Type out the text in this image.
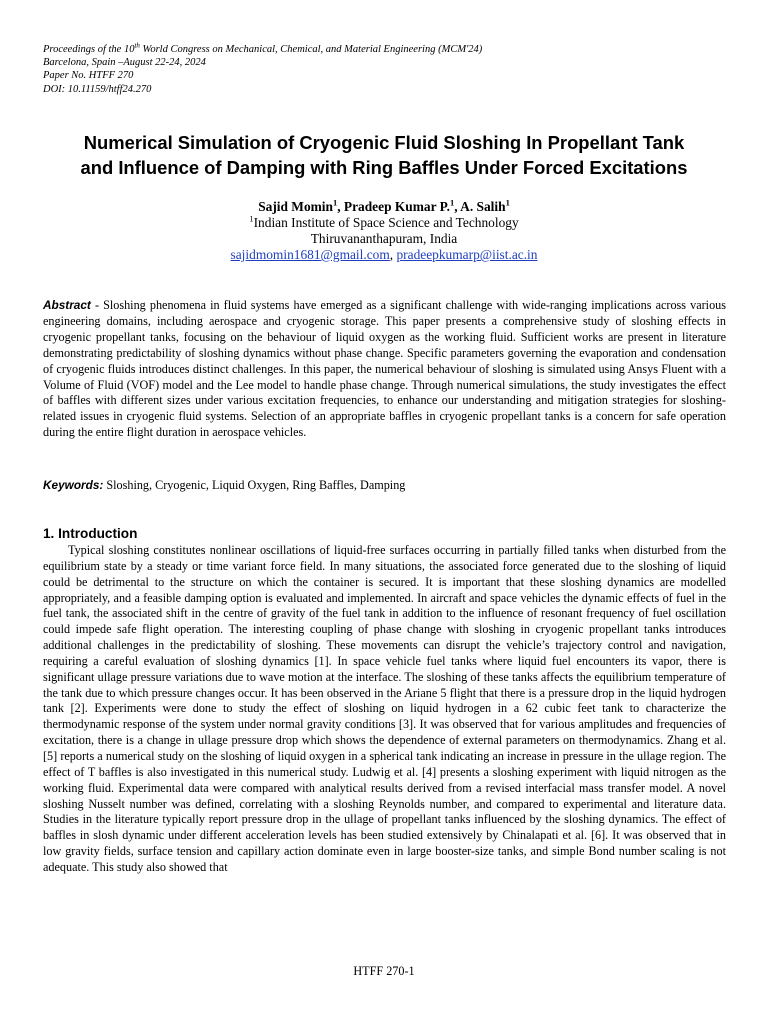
Proceedings of the 10th World Congress on Mechanical, Chemical, and Material Engineering (MCM'24)
Barcelona, Spain –August 22-24, 2024
Paper No. HTFF 270
DOI: 10.11159/htff24.270
Numerical Simulation of Cryogenic Fluid Sloshing In Propellant Tank
and Influence of Damping with Ring Baffles Under Forced Excitations
Sajid Momin$^1$, Pradeep Kumar P.$^1$, A. Salih$^1$
$^1$Indian Institute of Space Science and Technology
Thiruvananthapuram, India
sajidmomin1681@gmail.com, pradeepkumarp@iist.ac.in
Abstract - Sloshing phenomena in fluid systems have emerged as a significant challenge with wide-ranging implications across various engineering domains, including aerospace and cryogenic storage. This paper presents a comprehensive study of sloshing effects in cryogenic propellant tanks, focusing on the behaviour of liquid oxygen as the working fluid. Sufficient works are present in literature demonstrating predictability of sloshing dynamics without phase change. Specific parameters governing the evaporation and condensation of cryogenic fluids introduces distinct challenges. In this paper, the numerical behaviour of sloshing is simulated using Ansys Fluent with a Volume of Fluid (VOF) model and the Lee model to handle phase change. Through numerical simulations, the study investigates the effect of baffles with different sizes under various excitation frequencies, to enhance our understanding and mitigation strategies for sloshing-related issues in cryogenic fluid systems. Selection of an appropriate baffles in cryogenic propellant tanks is a concern for safe operation during the entire flight duration in aerospace vehicles.
Keywords: Sloshing, Cryogenic, Liquid Oxygen, Ring Baffles, Damping
1. Introduction
Typical sloshing constitutes nonlinear oscillations of liquid-free surfaces occurring in partially filled tanks when disturbed from the equilibrium state by a steady or time variant force field. In many situations, the associated force generated due to the sloshing of liquid could be detrimental to the structure on which the container is secured. It is important that these sloshing dynamics are modelled appropriately, and a feasible damping option is evaluated and implemented. In aircraft and space vehicles the dynamic effects of fuel in the fuel tank, the associated shift in the centre of gravity of the fuel tank in addition to the influence of resonant frequency of fuel oscillation could impede safe flight operation. The interesting coupling of phase change with sloshing in cryogenic propellant tanks introduces additional challenges in the predictability of sloshing. These movements can disrupt the vehicle’s trajectory control and navigation, requiring a careful evaluation of sloshing dynamics [1]. In space vehicle fuel tanks where liquid fuel encounters its vapor, there is significant ullage pressure variations due to wave motion at the interface. The sloshing of these tanks affects the equilibrium temperature of the tank due to which pressure changes occur. It has been observed in the Ariane 5 flight that there is a pressure drop in the liquid hydrogen tank [2]. Experiments were done to study the effect of sloshing on liquid hydrogen in a 62 cubic feet tank to characterize the thermodynamic response of the system under normal gravity conditions [3]. It was observed that for various amplitudes and frequencies of excitation, there is a change in ullage pressure drop which shows the dependence of external parameters on thermodynamics. Zhang et al. [5] reports a numerical study on the sloshing of liquid oxygen in a spherical tank indicating an increase in pressure in the ullage region. The effect of T baffles is also investigated in this numerical study. Ludwig et al. [4] presents a sloshing experiment with liquid nitrogen as the working fluid. Experimental data were compared with analytical results derived from a revised interfacial mass transfer model. A novel sloshing Nusselt number was defined, correlating with a sloshing Reynolds number, and compared to experimental and literature data. Studies in the literature typically report pressure drop in the ullage of propellant tanks influenced by the sloshing dynamics. The effect of baffles in slosh dynamic under different acceleration levels has been studied extensively by Chinalapati et al. [6]. It was observed that in low gravity fields, surface tension and capillary action dominate even in large booster-size tanks, and simple Bond number scaling is not adequate. This study also showed that
HTFF 270-1
